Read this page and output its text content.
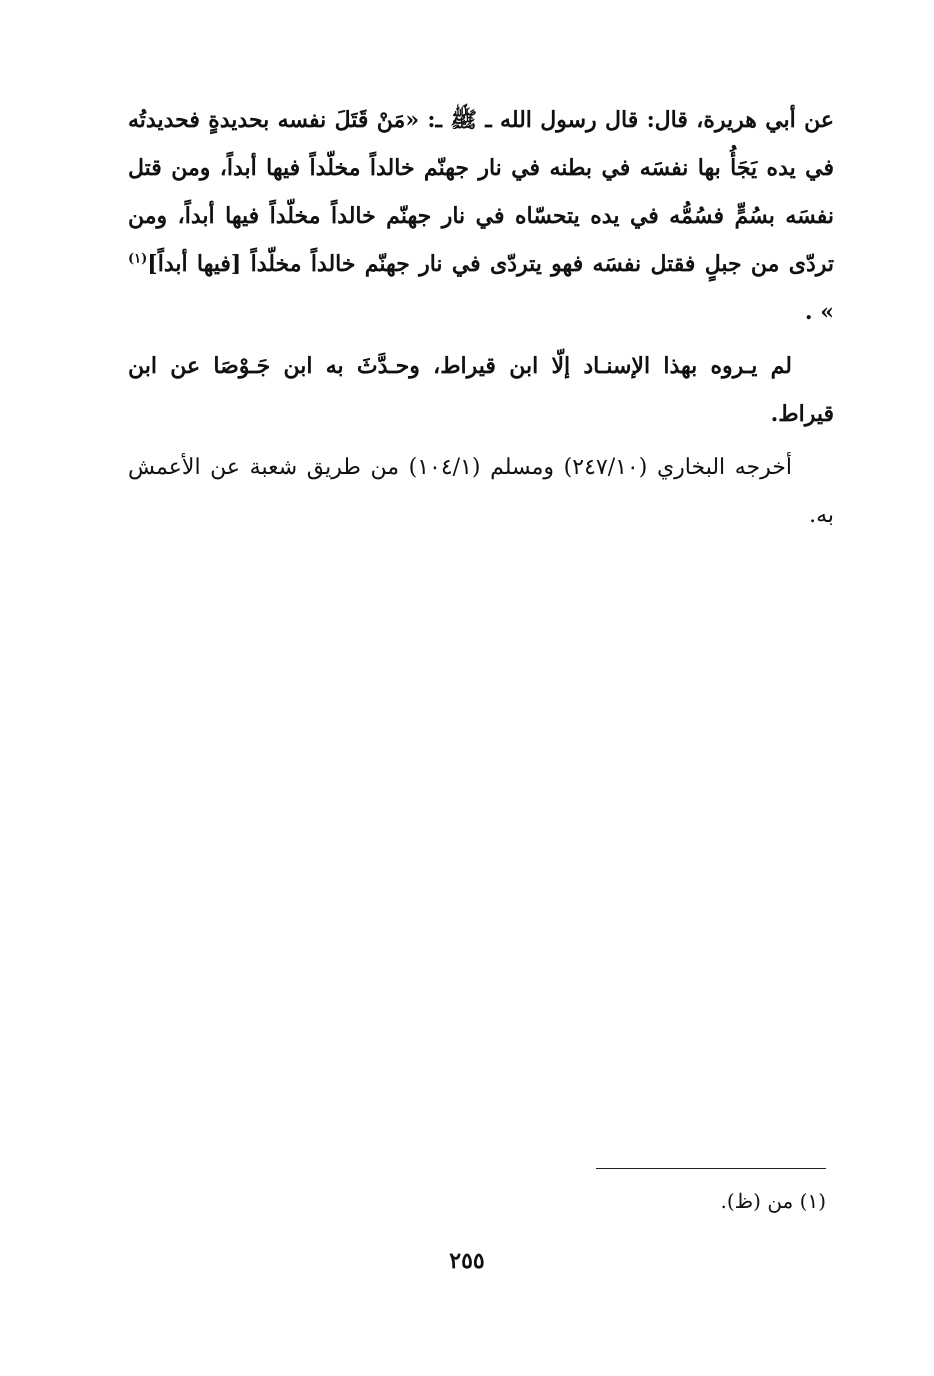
عن أبي هريرة، قال: قال رسول الله ـ ﷺ ـ: «مَنْ قَتَلَ نفسه بحديدةٍ فحديدتُه في يده يَجَأُ بها نفسَه في بطنه في نار جهنّم خالداً مخلّداً فيها أبداً، ومن قتل نفسَه بسُمٍّ فسُمُّه في يده يتحسّاه في نار جهنّم خالداً مخلّداً فيها أبداً، ومن تردّى من جبلٍ فقتل نفسَه فهو يتردّى في نار جهنّم خالداً مخلّداً [فيها أبداً]$^{(١)}$ » .

لم يـروه بهذا الإسنـاد إلّا ابن قيراط، وحـدَّثَ به ابن جَـوْصَا عن ابن قيراط.

أخرجه البخاري (٢٤٧/١٠) ومسلم (١٠٤/١) من طريق شعبة عن الأعمش به.

(١) من (ظ).
٢٥٥
